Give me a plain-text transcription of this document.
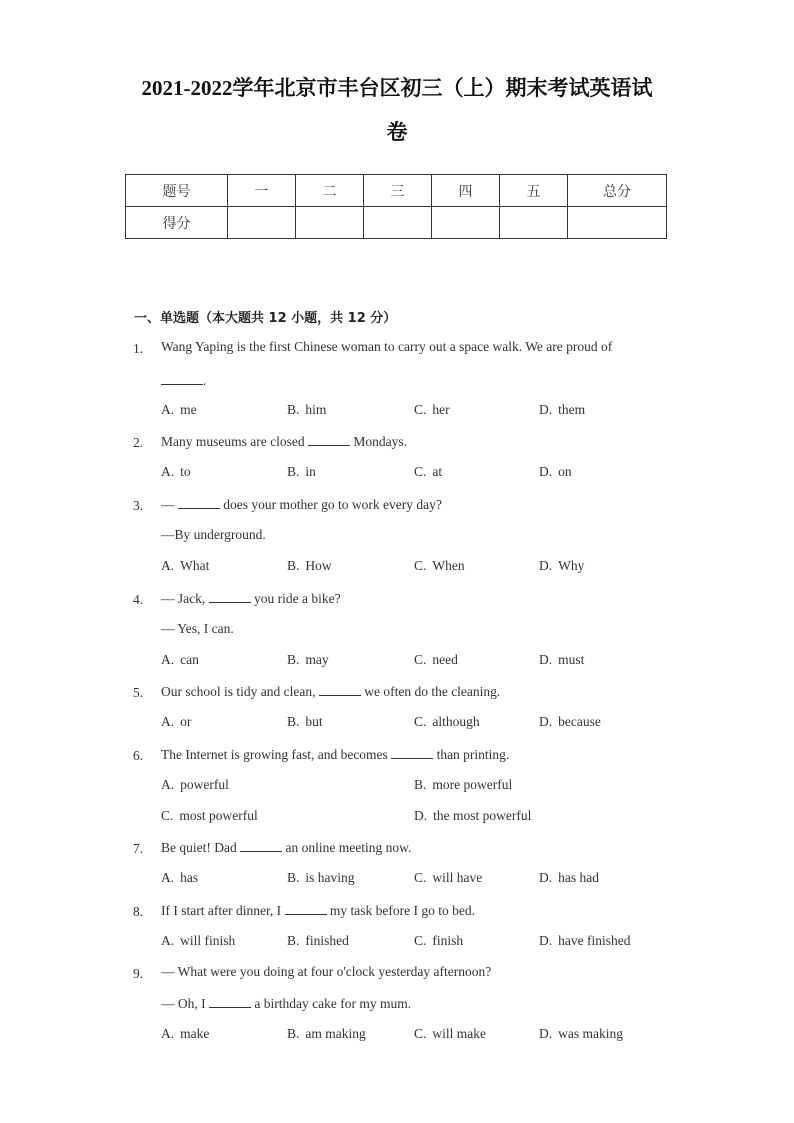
2021-2022学年北京市丰台区初三（上）期末考试英语试
卷
题号	一	二	三	四	五	总分
得分						
一、单选题（本大题共 12 小题，共 12 分）
1. Wang Yaping is the first Chinese woman to carry out a space walk. We are proud of
.
A. me	B. him	C. her	D. them
2. Many museums are closed	Mondays.
A. to	B. in	C. at	D. on
3. —	does your mother go to work every day?
—By underground.
A. What	B. How	C. When	D. Why
4. — Jack,	you ride a bike?
— Yes, I can.
A. can	B. may	C. need	D. must
5. Our school is tidy and clean,	we often do the cleaning.
A. or	B. but	C. although	D. because
6. The Internet is growing fast, and becomes	than printing.
A. powerful	B. more powerful
C. most powerful	D. the most powerful
7. Be quiet! Dad	an online meeting now.
A. has	B. is having	C. will have	D. has had
8. If I start after dinner, I	my task before I go to bed.
A. will finish	B. finished	C. finish	D. have finished
9. — What were you doing at four o'clock yesterday afternoon?
— Oh, I	a birthday cake for my mum.
A. make	B. am making	C. will make	D. was making
